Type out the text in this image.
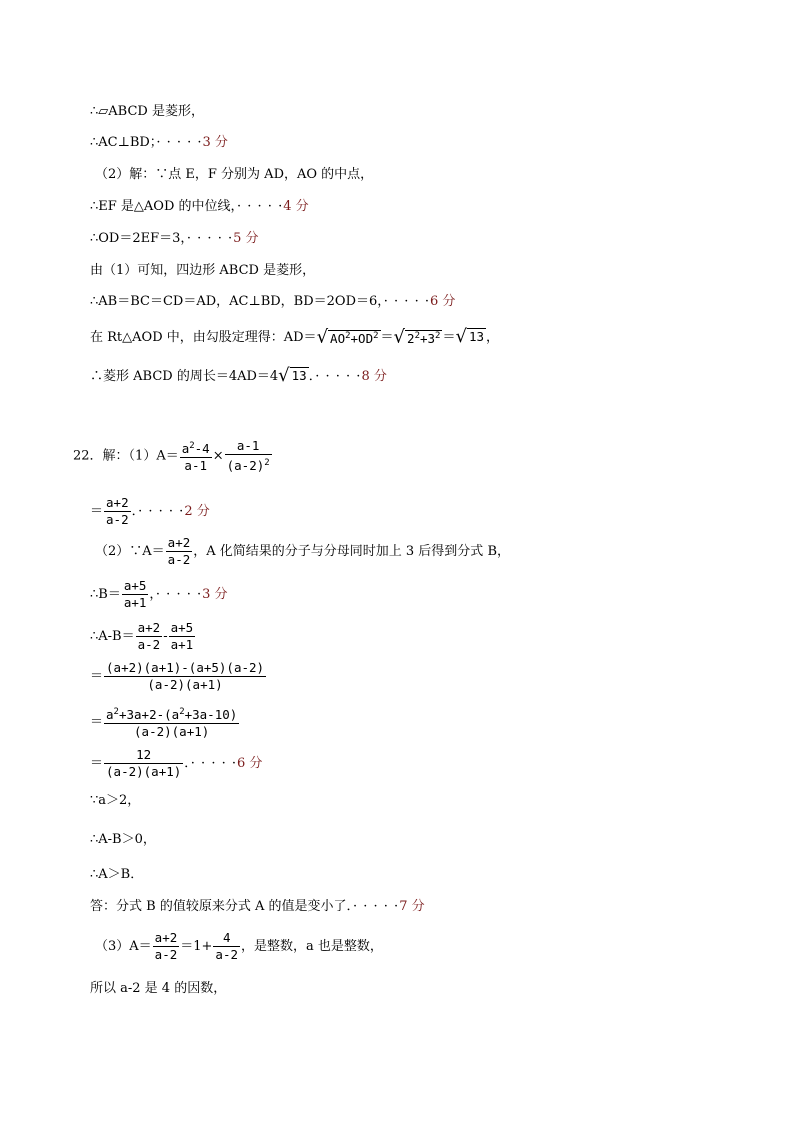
∴▱ABCD 是菱形，
∴AC⊥BD；· · · · ·3 分
（2）解：∵点 E，F 分别为 AD，AO 的中点，
∴EF 是△AOD 的中位线，· · · · ·4 分
∴OD＝2EF＝3，· · · · ·5 分
由（1）可知，四边形 ABCD 是菱形，
∴AB＝BC＝CD＝AD，AC⊥BD，BD＝2OD＝6，· · · · ·6 分
在 Rt△AOD 中，由勾股定理得：AD＝√ $AO^2+OD^2$ ＝√ $2^2+3^2$ ＝√ 13 ，
∴菱形 ABCD 的周长＝4AD＝4√ 13 ．· · · · ·8 分
22．解：$(1)A= \frac{a^2-4}{a-1} \times \frac{a-1}{(a-2)^2}$
＝ $\frac{a+2}{a-2}$ ．· · · · ·2 分
（2）∵A＝ $\frac{a+2}{a-2}$ ，A 化简结果的分子与分母同时加上 3 后得到分式 B，
∴B＝ $\frac{a+5}{a+1}$ ，· · · · ·3 分
∴A-B＝ $\frac{a+2}{a-2} - \frac{a+5}{a+1}$
＝ $\frac{(a+2)(a+1)-(a+5)(a-2)}{(a-2)(a+1)}$
＝ $\frac{a^2+3a+2-(a^2+3a-10)}{(a-2)(a+1)}$
＝ $\frac{12}{(a-2)(a+1)}$ ．· · · · ·6 分
∵a＞2，
∴A-B＞0，
∴A＞B．
答：分式 B 的值较原来分式 A 的值是变小了．· · · · ·7 分
$(3)A= \frac{a+2}{a-2} =1+ \frac{4}{a-2}$ ，是整数，a 也是整数，
所以 a-2 是 4 的因数，
